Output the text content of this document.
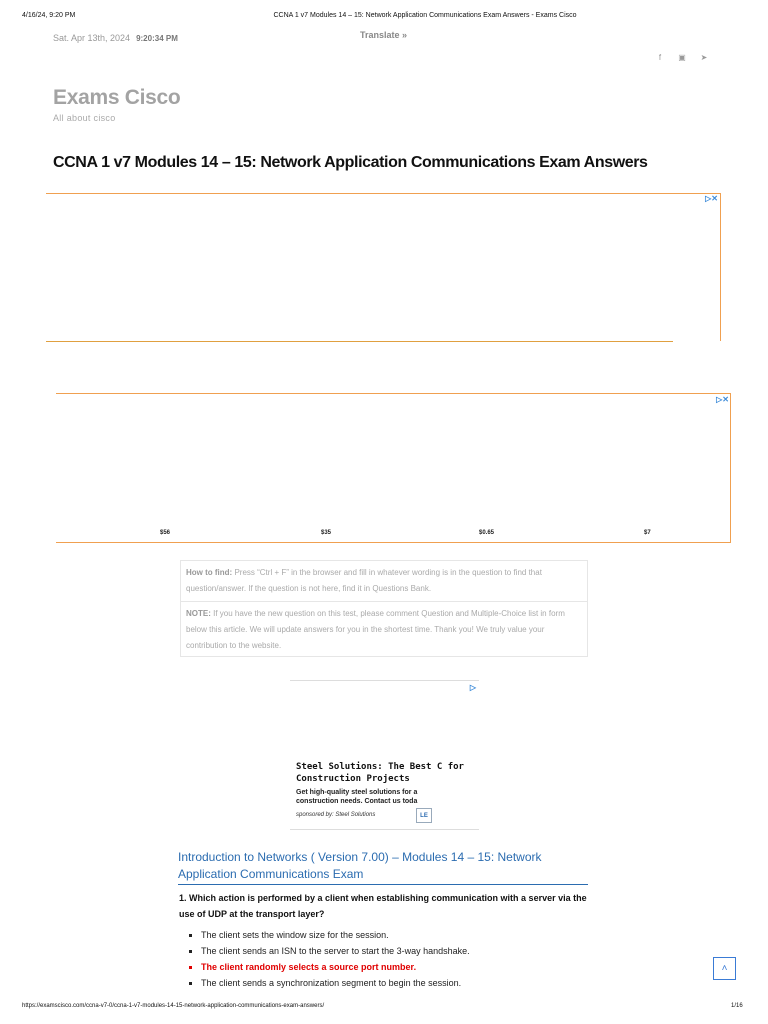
4/16/24, 9:20 PM	CCNA 1 v7 Modules 14 – 15: Network Application Communications Exam Answers - Exams Cisco
Sat. Apr 13th, 2024 9:20:34 PM	Translate »
f	▣ ➤
Exams Cisco
All about cisco
CCNA 1 v7 Modules 14 – 15: Network Application Communications Exam Answers
▷✕
▷✕
$56	$35	$0.65	$7
How to find: Press “Ctrl + F” in the browser and fill in whatever wording is in the question to find that question/answer. If the question is not here, find it in Questions Bank.
NOTE: If you have the new question on this test, please comment Question and Multiple-Choice list in form below this article. We will update answers for you in the shortest time. Thank you! We truly value your contribution to the website.
▷
Steel Solutions: The Best C for Construction Projects
Get high-quality steel solutions for a construction needs. Contact us toda
sponsored by: Steel Solutions	LE
Introduction to Networks ( Version 7.00) – Modules 14 – 15: Network Application Communications Exam
1. Which action is performed by a client when establishing communication with a server via the use of UDP at the transport layer?
▪ The client sets the window size for the session.
▪ The client sends an ISN to the server to start the 3-way handshake.
▪ The client randomly selects a source port number.
▪ The client sends a synchronization segment to begin the session.
˄
https://examscisco.com/ccna-v7-0/ccna-1-v7-modules-14-15-network-application-communications-exam-answers/	1/16
